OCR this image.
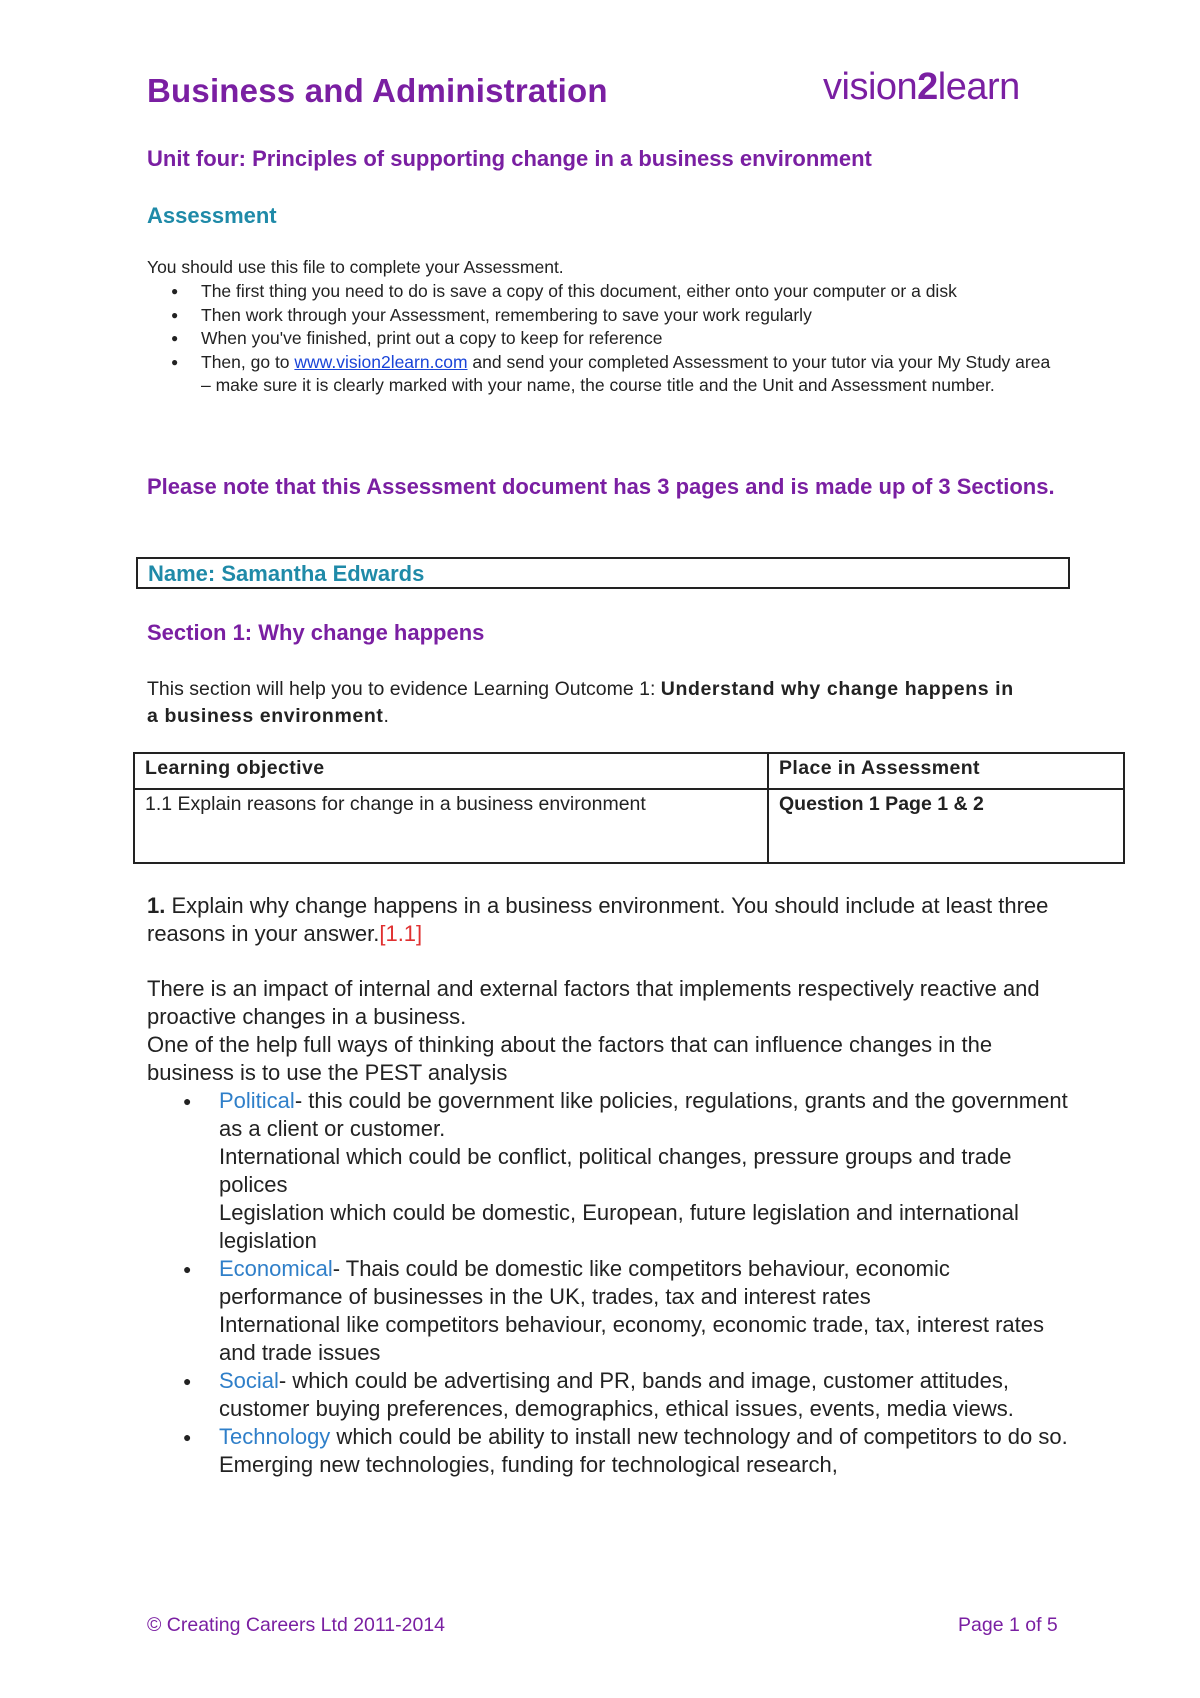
Business and Administration	vision2learn
Unit four: Principles of supporting change in a business environment
Assessment
You should use this file to complete your Assessment.
● The first thing you need to do is save a copy of this document, either onto your computer or a disk
● Then work through your Assessment, remembering to save your work regularly
● When you've finished, print out a copy to keep for reference
● Then, go to www.vision2learn.com and send your completed Assessment to your tutor via your My Study area – make sure it is clearly marked with your name, the course title and the Unit and Assessment number.
Please note that this Assessment document has 3 pages and is made up of 3 Sections.
Name: Samantha Edwards
Section 1: Why change happens
This section will help you to evidence Learning Outcome 1: Understand why change happens in a business environment.
Learning objective	Place in Assessment
1.1 Explain reasons for change in a business environment	Question 1 Page 1 & 2
1. Explain why change happens in a business environment. You should include at least three reasons in your answer.[1.1]
There is an impact of internal and external factors that implements respectively reactive and proactive changes in a business.
One of the help full ways of thinking about the factors that can influence changes in the business is to use the PEST analysis
● Political- this could be government like policies, regulations, grants and the government as a client or customer.
International which could be conflict, political changes, pressure groups and trade polices
Legislation which could be domestic, European, future legislation and international legislation
● Economical- Thais could be domestic like competitors behaviour, economic performance of businesses in the UK, trades, tax and interest rates
International like competitors behaviour, economy, economic trade, tax, interest rates and trade issues
● Social- which could be advertising and PR, bands and image, customer attitudes, customer buying preferences, demographics, ethical issues, events, media views.
● Technology which could be ability to install new technology and of competitors to do so. Emerging new technologies, funding for technological research,
© Creating Careers Ltd 2011-2014	Page 1 of 5
